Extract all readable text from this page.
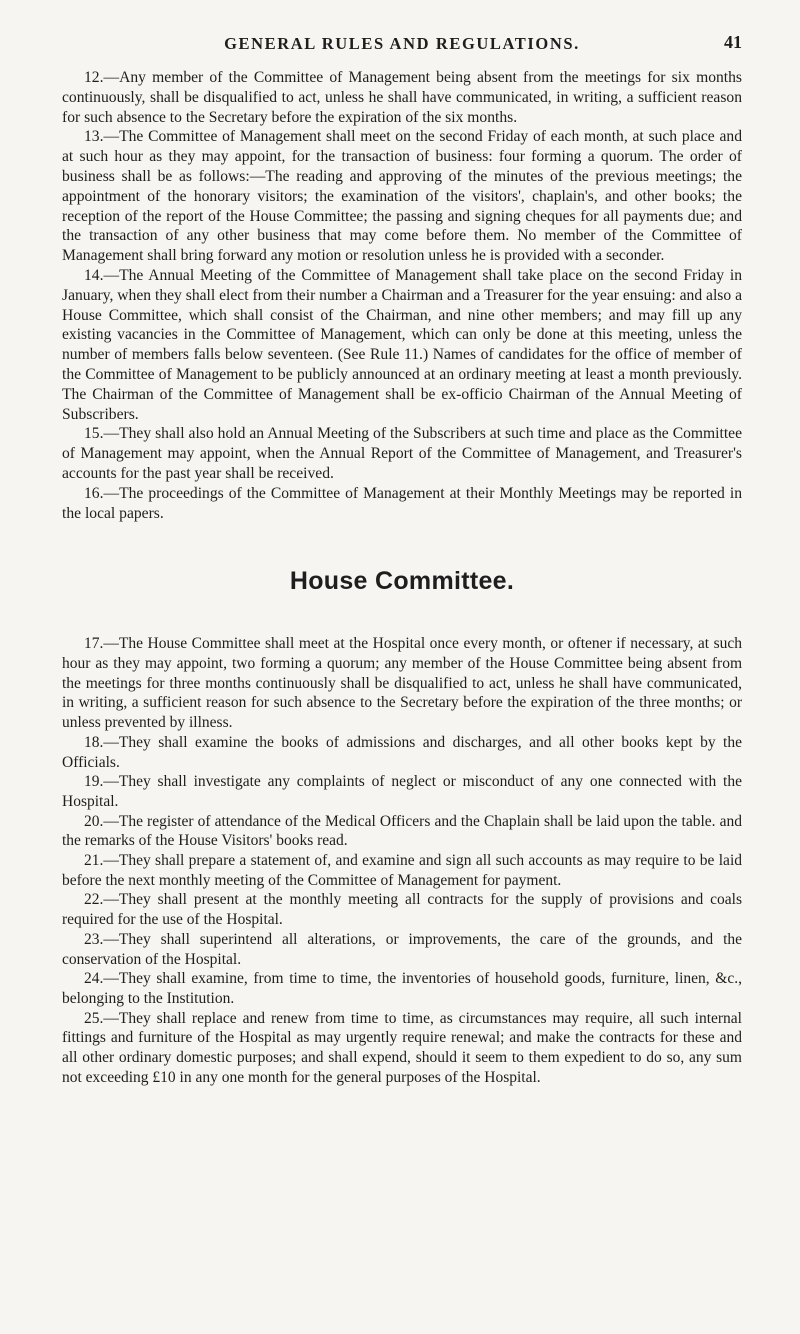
GENERAL RULES AND REGULATIONS.	41

12.—Any member of the Committee of Management being absent from the meetings for six months continuously, shall be disqualified to act, unless he shall have communicated, in writing, a sufficient reason for such absence to the Secretary before the expiration of the six months.

13.—The Committee of Management shall meet on the second Friday of each month, at such place and at such hour as they may appoint, for the transaction of business: four forming a quorum. The order of business shall be as follows:—The reading and approving of the minutes of the previous meetings; the appointment of the honorary visitors; the examination of the visitors', chaplain's, and other books; the reception of the report of the House Committee; the passing and signing cheques for all payments due; and the transaction of any other business that may come before them. No member of the Committee of Management shall bring forward any motion or resolution unless he is provided with a seconder.

14.—The Annual Meeting of the Committee of Management shall take place on the second Friday in January, when they shall elect from their number a Chairman and a Treasurer for the year ensuing: and also a House Committee, which shall consist of the Chairman, and nine other members; and may fill up any existing vacancies in the Committee of Management, which can only be done at this meeting, unless the number of members falls below seventeen. (See Rule 11.) Names of candidates for the office of member of the Committee of Management to be publicly announced at an ordinary meeting at least a month previously. The Chairman of the Committee of Management shall be ex-officio Chairman of the Annual Meeting of Subscribers.

15.—They shall also hold an Annual Meeting of the Subscribers at such time and place as the Committee of Management may appoint, when the Annual Report of the Committee of Management, and Treasurer's accounts for the past year shall be received.

16.—The proceedings of the Committee of Management at their Monthly Meetings may be reported in the local papers.

House Committee.

17.—The House Committee shall meet at the Hospital once every month, or oftener if necessary, at such hour as they may appoint, two forming a quorum; any member of the House Committee being absent from the meetings for three months continuously shall be disqualified to act, unless he shall have communicated, in writing, a sufficient reason for such absence to the Secretary before the expiration of the three months; or unless prevented by illness.

18.—They shall examine the books of admissions and discharges, and all other books kept by the Officials.

19.—They shall investigate any complaints of neglect or misconduct of any one connected with the Hospital.

20.—The register of attendance of the Medical Officers and the Chaplain shall be laid upon the table. and the remarks of the House Visitors' books read.

21.—They shall prepare a statement of, and examine and sign all such accounts as may require to be laid before the next monthly meeting of the Committee of Management for payment.

22.—They shall present at the monthly meeting all contracts for the supply of provisions and coals required for the use of the Hospital.

23.—They shall superintend all alterations, or improvements, the care of the grounds, and the conservation of the Hospital.

24.—They shall examine, from time to time, the inventories of household goods, furniture, linen, &c., belonging to the Institution.

25.—They shall replace and renew from time to time, as circumstances may require, all such internal fittings and furniture of the Hospital as may urgently require renewal; and make the contracts for these and all other ordinary domestic purposes; and shall expend, should it seem to them expedient to do so, any sum not exceeding £10 in any one month for the general purposes of the Hospital.
